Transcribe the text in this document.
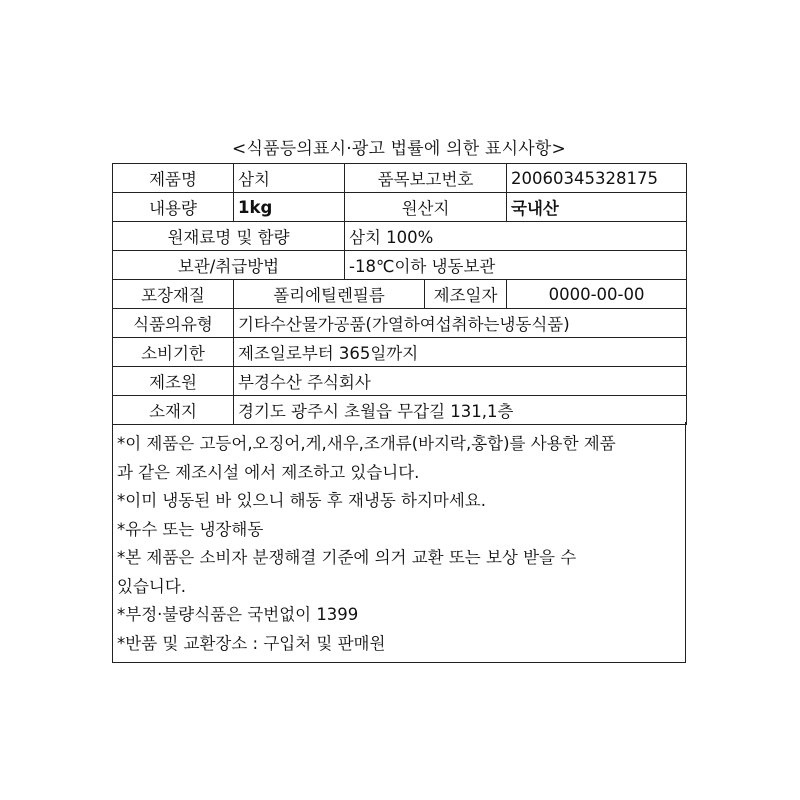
<식품등의표시·광고 법률에 의한 표시사항>
제품명	삼치	품목보고번호		20060345328175
내용량	1kg	원산지		국내산
원재료명 및 함량		삼치 100%		
보관/취급방법		-18℃이하 냉동보관		
포장재질	폴리에틸렌필름		제조일자	0000-00-00
식품의유형	기타수산물가공품(가열하여섭취하는냉동식품)			
소비기한	제조일로부터 365일까지			
제조원	부경수산 주식회사			
소재지	경기도 광주시 초월읍 무갑길 131,1층			
*이 제품은 고등어,오징어,게,새우,조개류(바지락,홍합)를 사용한 제품
과 같은 제조시설 에서 제조하고 있습니다.
*이미 냉동된 바 있으니 해동 후 재냉동 하지마세요.
*유수 또는 냉장해동
*본 제품은 소비자 분쟁해결 기준에 의거 교환 또는 보상 받을 수
있습니다.
*부정·불량식품은 국번없이 1399
*반품 및 교환장소 : 구입처 및 판매원
